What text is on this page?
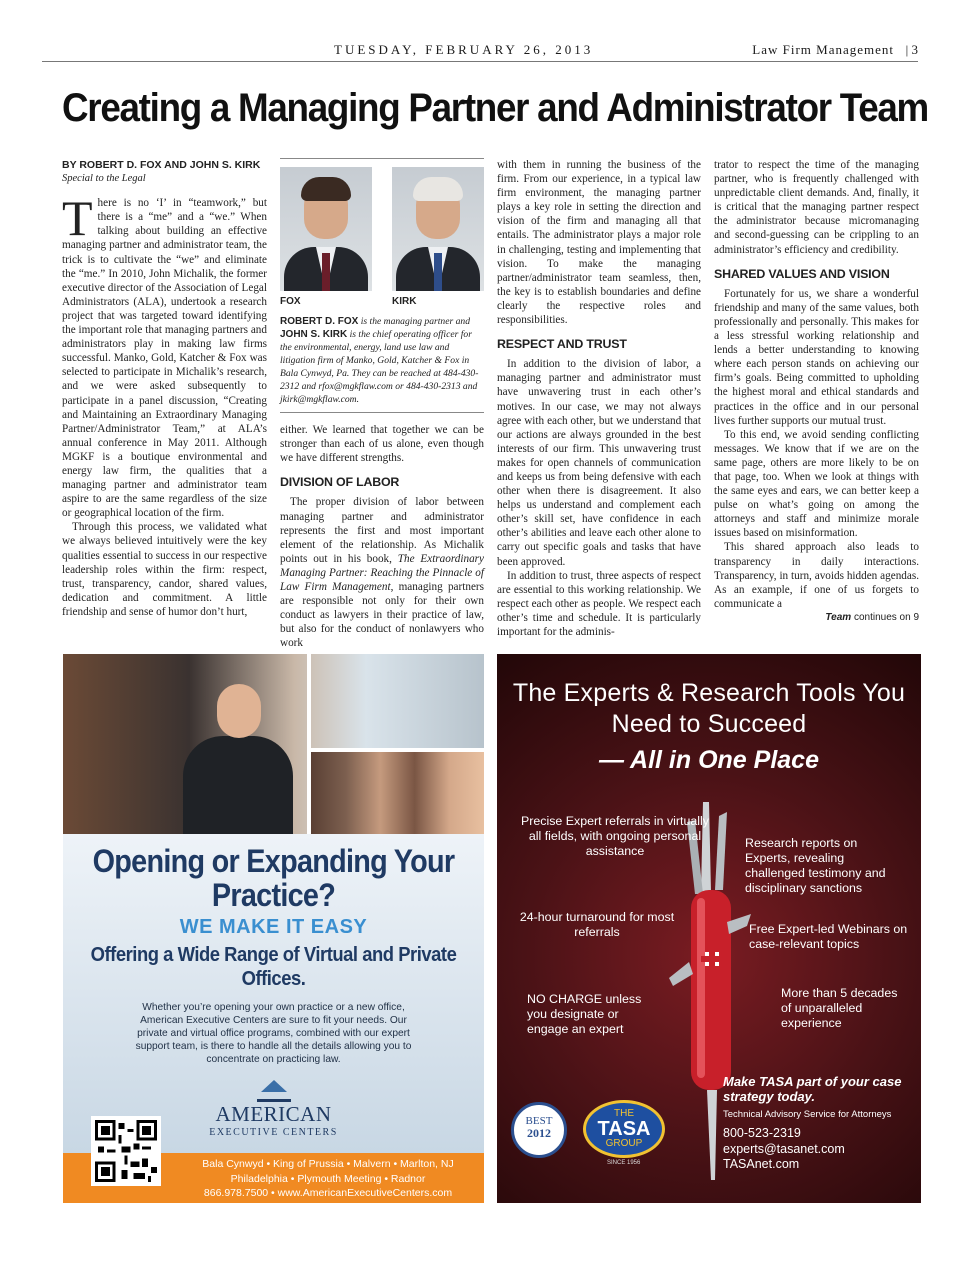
TUESDAY, FEBRUARY 26, 2013	Law Firm Management | 3
Creating a Managing Partner and Administrator Team
BY ROBERT D. FOX AND JOHN S. KIRK
Special to the Legal

There is no ‘I’ in “teamwork,” but there is a “me” and a “we.” When talking about building an effective managing partner and administrator team, the trick is to cultivate the “we” and eliminate the “me.” In 2010, John Michalik, the former executive director of the Association of Legal Administrators (ALA), undertook a research project that was targeted toward identifying the important role that managing partners and administrators play in making law firms successful. Manko, Gold, Katcher & Fox was selected to participate in Michalik’s research, and we were asked subsequently to participate in a panel discussion, “Creating and Maintaining an Extraordinary Managing Partner/Administrator Team,” at ALA’s annual conference in May 2011. Although MGKF is a boutique environmental and energy law firm, the qualities that a managing partner and administrator team aspire to are the same regardless of the size or geographical location of the firm.

Through this process, we validated what we always believed intuitively were the key qualities essential to success in our respective leadership roles within the firm: respect, trust, transparency, candor, shared values, dedication and commitment. A little friendship and sense of humor don’t hurt,

FOX	KIRK
ROBERT D. FOX is the managing partner and JOHN S. KIRK is the chief operating officer for the environmental, energy, land use law and litigation firm of Manko, Gold, Katcher & Fox in Bala Cynwyd, Pa. They can be reached at 484-430-2312 and rfox@mgkflaw.com or 484-430-2313 and jkirk@mgkflaw.com.

either. We learned that together we can be stronger than each of us alone, even though we have different strengths.

DIVISION OF LABOR

The proper division of labor between managing partner and administrator represents the first and most important element of the relationship. As Michalik points out in his book, The Extraordinary Managing Partner: Reaching the Pinnacle of Law Firm Management, managing partners are responsible not only for their own conduct as lawyers in their practice of law, but also for the conduct of nonlawyers who work

with them in running the business of the firm. From our experience, in a typical law firm environment, the managing partner plays a key role in setting the direction and vision of the firm and managing all that entails. The administrator plays a major role in challenging, testing and implementing that vision. To make the managing partner/administrator team seamless, then, the key is to establish boundaries and define clearly the respective roles and responsibilities.

RESPECT AND TRUST

In addition to the division of labor, a managing partner and administrator must have unwavering trust in each other’s motives. In our case, we may not always agree with each other, but we understand that our actions are always grounded in the best interests of our firm. This unwavering trust makes for open channels of communication and keeps us from being defensive with each other when there is disagreement. It also helps us understand and complement each other’s skill set, have confidence in each other’s abilities and leave each other alone to carry out specific goals and tasks that have been approved.

In addition to trust, three aspects of respect are essential to this working relationship. We respect each other as people. We respect each other’s time and schedule. It is particularly important for the adminis-

trator to respect the time of the managing partner, who is frequently challenged with unpredictable client demands. And, finally, it is critical that the managing partner respect the administrator because micromanaging and second-guessing can be crippling to an administrator’s efficiency and credibility.

SHARED VALUES AND VISION

Fortunately for us, we share a wonderful friendship and many of the same values, both professionally and personally. This makes for a less stressful working relationship and lends a better understanding to knowing where each person stands on achieving our firm’s goals. Being committed to upholding the highest moral and ethical standards and practices in the office and in our personal lives further supports our mutual trust.

To this end, we avoid sending conflicting messages. We know that if we are on the same page, others are more likely to be on that page, too. When we look at things with the same eyes and ears, we can better keep a pulse on what’s going on among the attorneys and staff and minimize morale issues based on misinformation.

This shared approach also leads to transparency in daily interactions. Transparency, in turn, avoids hidden agendas. As an example, if one of us forgets to communicate a

Team continues on 9
Opening or Expanding Your Practice?
WE MAKE IT EASY
Offering a Wide Range of Virtual and Private Offices.
Whether you’re opening your own practice or a new office, American Executive Centers are sure to fit your needs. Our private and virtual office programs, combined with our expert support team, is there to handle all the details allowing you to concentrate on practicing law.
AMERICAN
EXECUTIVE CENTERS
Bala Cynwyd • King of Prussia • Malvern • Marlton, NJ
Philadelphia • Plymouth Meeting • Radnor
866.978.7500 • www.AmericanExecutiveCenters.com
The Experts & Research Tools You Need to Succeed
— All in One Place
Precise Expert referrals in virtually all fields, with ongoing personal assistance
Research reports on Experts, revealing challenged testimony and disciplinary sanctions
24-hour turnaround for most referrals	Free Expert-led Webinars on case-relevant topics
NO CHARGE unless you designate or engage an expert
More than 5 decades of unparalleled experience
Make TASA part of your case strategy today.
Technical Advisory Service for Attorneys
800-523-2319
experts@tasanet.com
TASAnet.com
BEST
2012
THE
TASA
GROUP
SINCE 1956
